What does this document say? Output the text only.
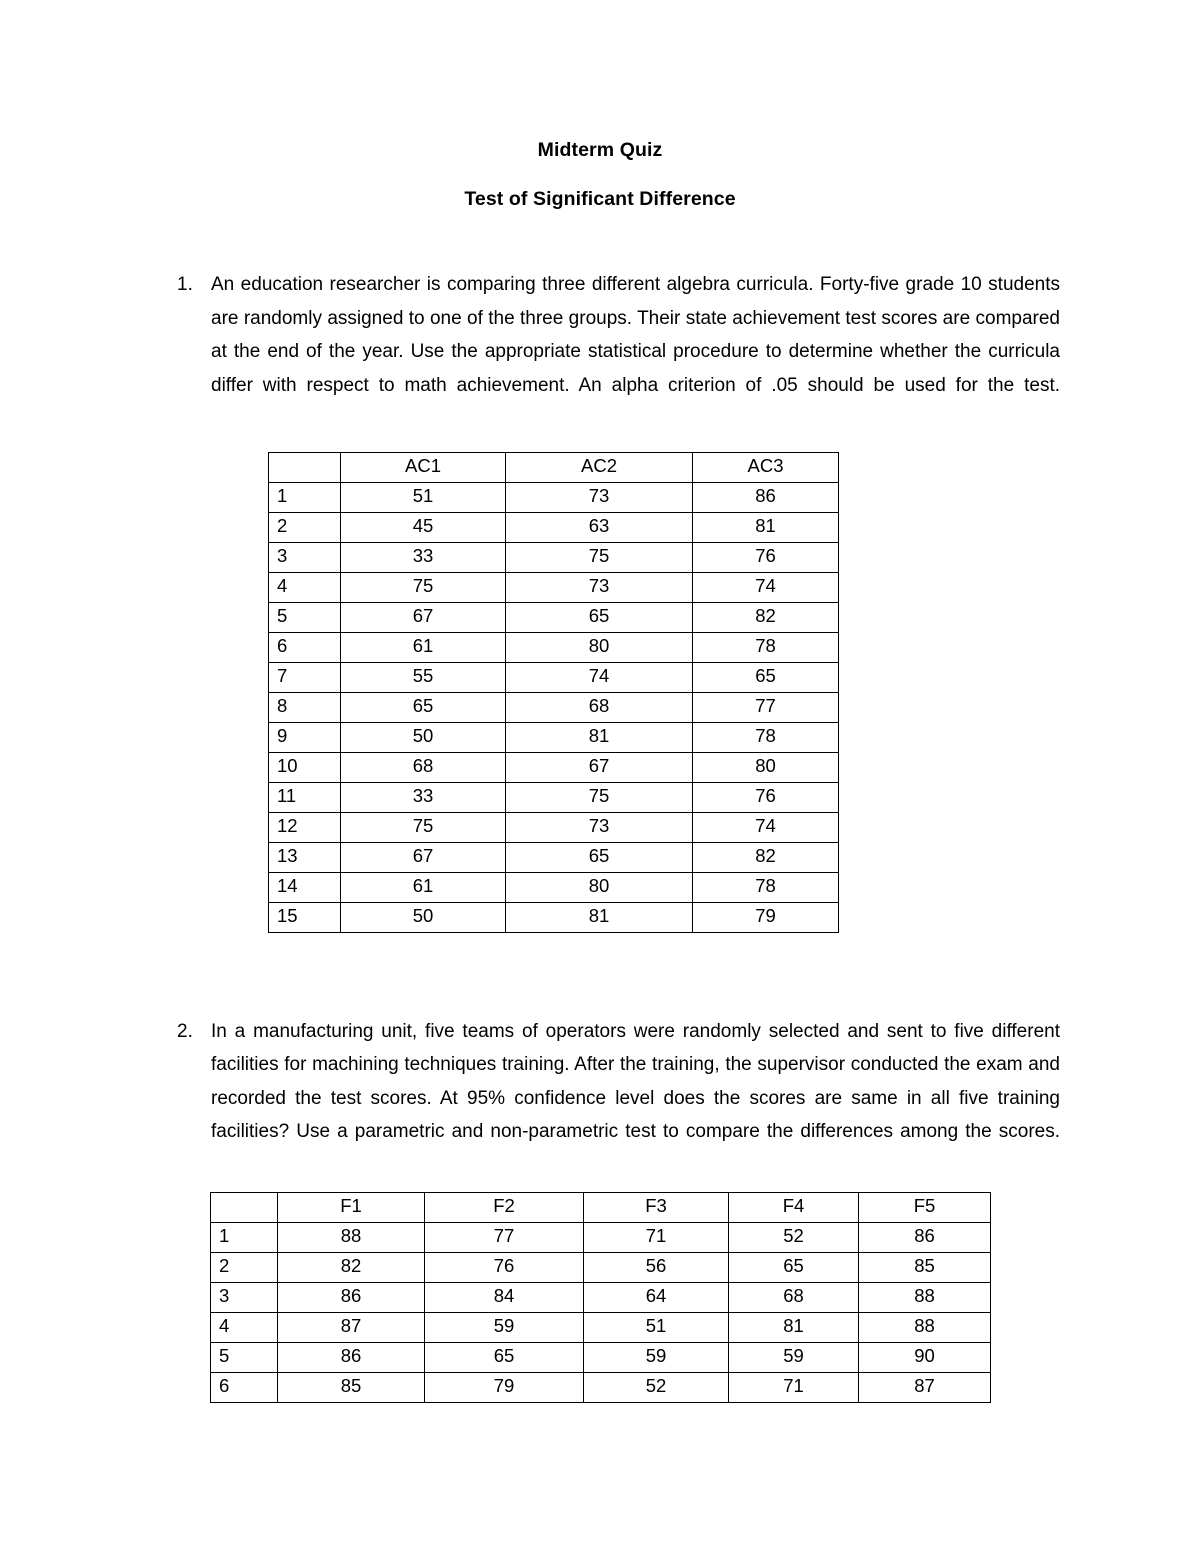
Midterm Quiz
Test of Significant Difference
1. An education researcher is comparing three different algebra curricula. Forty-five grade 10 students are randomly assigned to one of the three groups. Their state achievement test scores are compared at the end of the year. Use the appropriate statistical procedure to determine whether the curricula differ with respect to math achievement. An alpha criterion of .05 should be used for the test.

2. In a manufacturing unit, five teams of operators were randomly selected and sent to five different facilities for machining techniques training. After the training, the supervisor conducted the exam and recorded the test scores. At 95% confidence level does the scores are same in all five training facilities? Use a parametric and non-parametric test to compare the differences among the scores.

	AC1	AC2	AC3
1	51	73	86
2	45	63	81
3	33	75	76
4	75	73	74
5	67	65	82
6	61	80	78
7	55	74	65
8	65	68	77
9	50	81	78
10	68	67	80
11	33	75	76
12	75	73	74
13	67	65	82
14	61	80	78
15	50	81	79
	F1	F2	F3	F4	F5
1	88	77	71	52	86
2	82	76	56	65	85
3	86	84	64	68	88
4	87	59	51	81	88
5	86	65	59	59	90
6	85	79	52	71	87
